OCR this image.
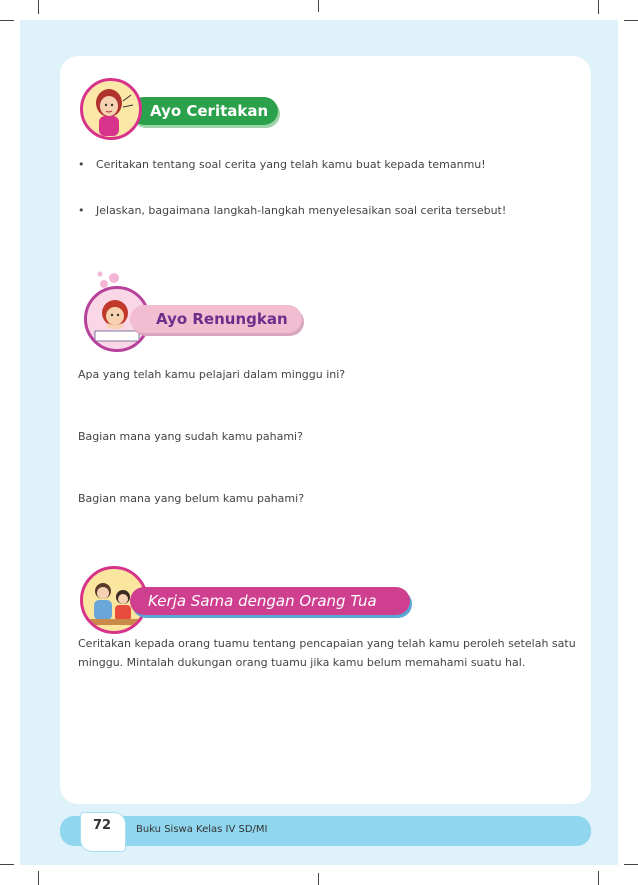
Ayo Ceritakan
• Ceritakan tentang soal cerita yang telah kamu buat kepada temanmu!
• Jelaskan, bagaimana langkah-langkah menyelesaikan soal cerita tersebut!
Ayo Renungkan
Apa yang telah kamu pelajari dalam minggu ini?
Bagian mana yang sudah kamu pahami?
Bagian mana yang belum kamu pahami?
Kerja Sama dengan Orang Tua
Ceritakan kepada orang tuamu tentang pencapaian yang telah kamu peroleh setelah satu
minggu. Mintalah dukungan orang tuamu jika kamu belum memahami suatu hal.
72	Buku Siswa Kelas IV SD/MI
